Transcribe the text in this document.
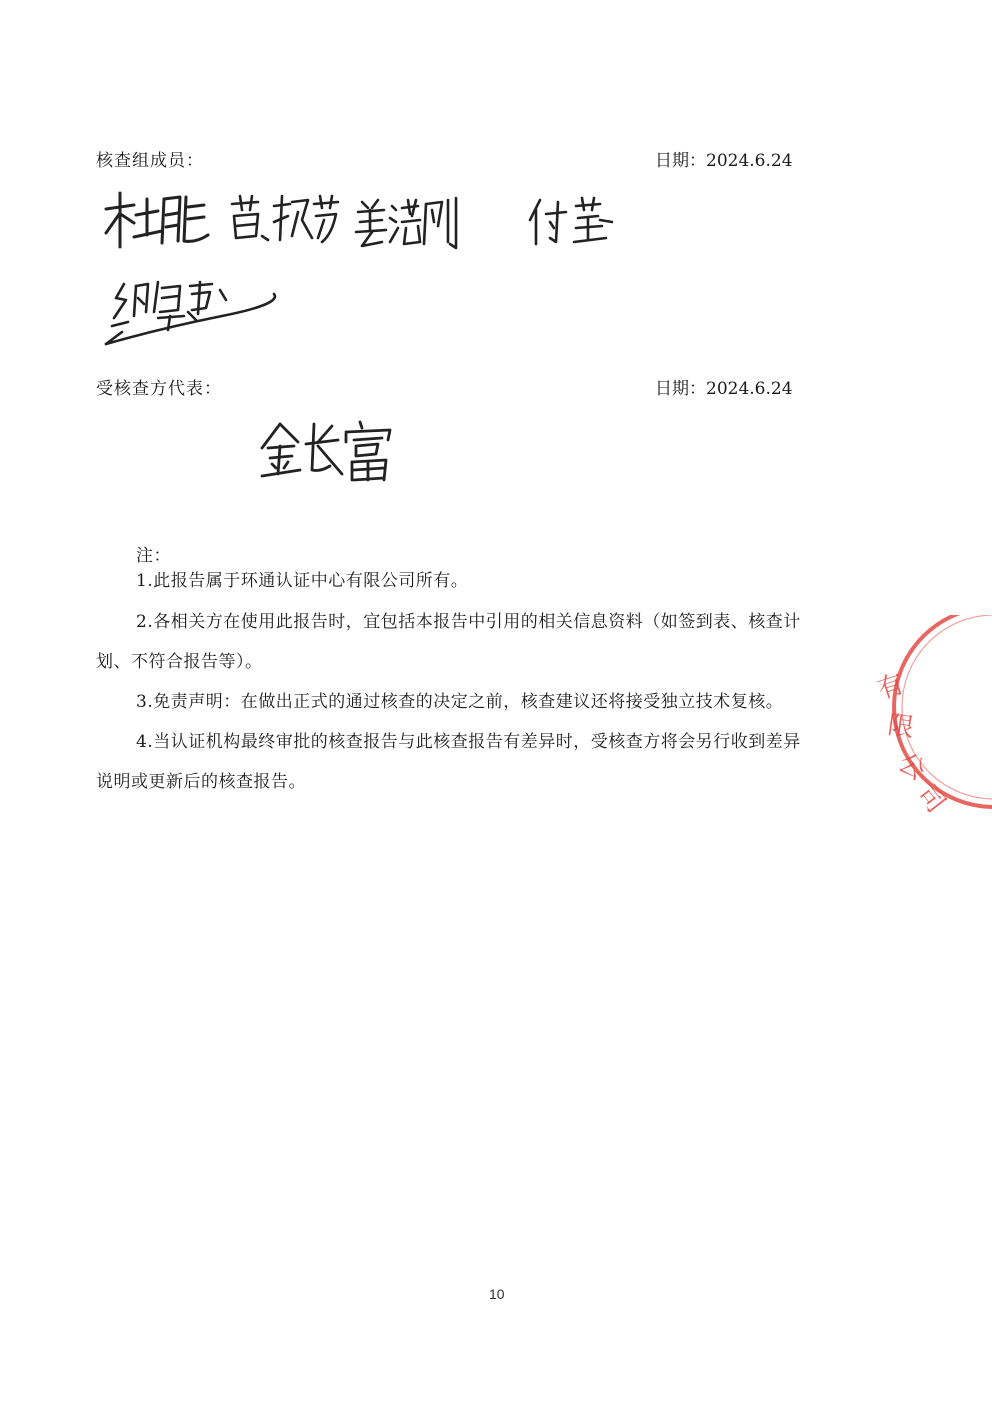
核查组成员：	日期：2024.6.24
受核查方代表：	日期：2024.6.24
注：
1.此报告属于环通认证中心有限公司所有。
2.各相关方在使用此报告时，宜包括本报告中引用的相关信息资料（如签到表、核查计
划、不符合报告等）。
3.免责声明：在做出正式的通过核查的决定之前，核查建议还将接受独立技术复核。
4.当认证机构最终审批的核查报告与此核查报告有差异时，受核查方将会另行收到差异
说明或更新后的核查报告。
有
限
公
司
10
